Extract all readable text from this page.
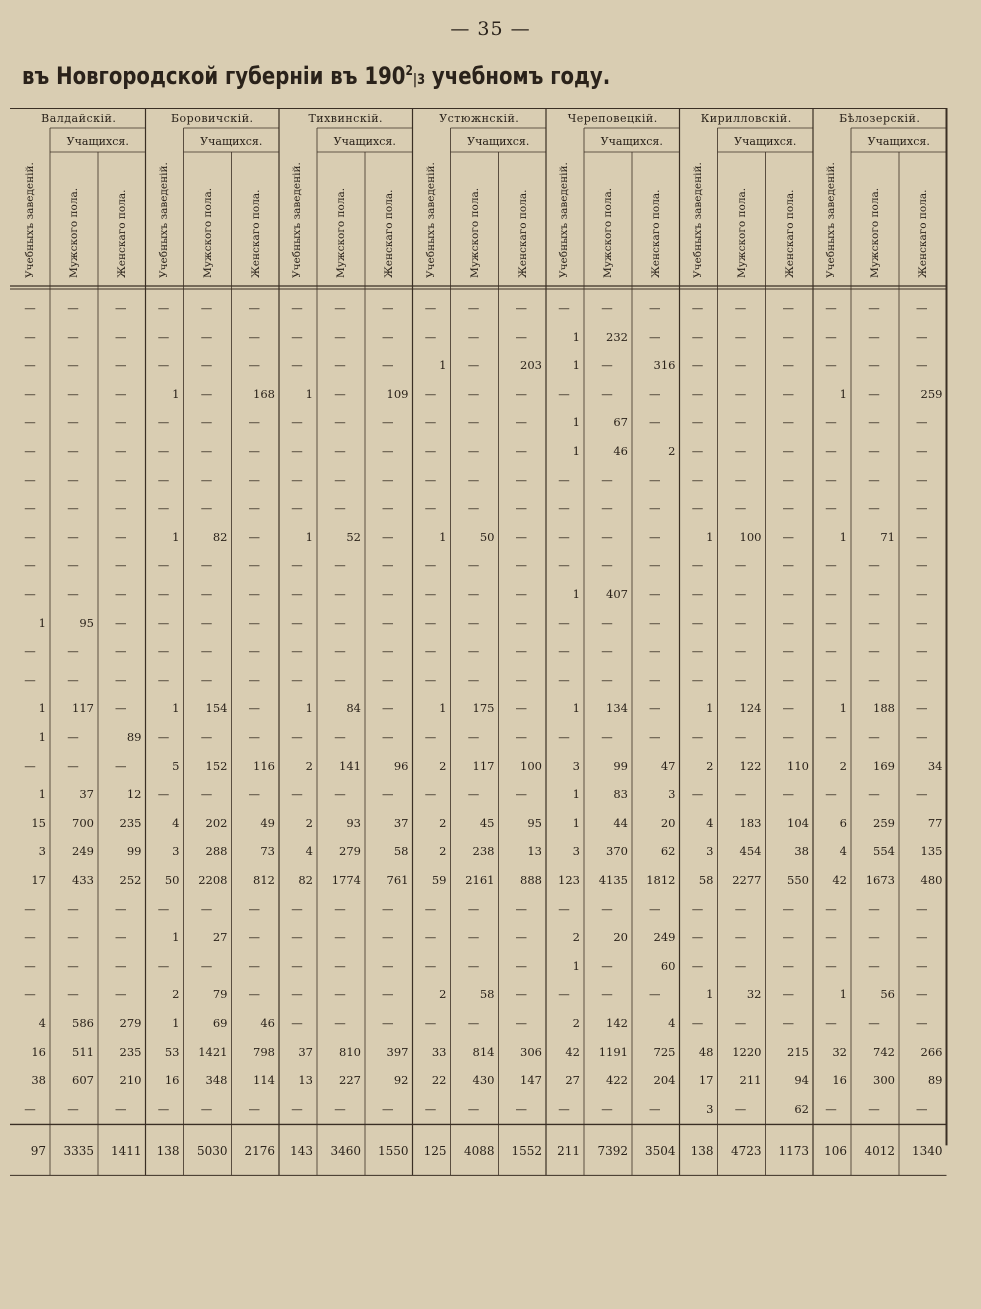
— 35 —
въ Новгородской губерніи въ $190^2|3$ учебномъ году.
Валдайскій.
Учащихся.
Учебныхъ заведеній.	Мужского пола.	Женскаго пола.
Боровичскій.
Учащихся.
Учебныхъ заведеній.	Мужского пола.	Женскаго пола.
Тихвинскій.
Учащихся.
Учебныхъ заведеній.	Мужского пола.	Женскаго пола.
Устюжнскій.
Учащихся.
Учебныхъ заведеній.	Мужского пола.	Женскаго пола.
Череповецкій.
Учащихся.
Учебныхъ заведеній.	Мужского пола.	Женскаго пола.
Кирилловскій.
Учащихся.
Учебныхъ заведеній.	Мужского пола.	Женскаго пола.
Бѣлозерскій.
Учащихся.
Учебныхъ заведеній.	Мужского пола.	Женскаго пола.
—	—	—	—	—	—	—	—	—	—	—	—	—	—	—	—	—	—	—	—	—
—	—	—	—	—	—	—	—	—	—	—	—	1	232	—	—	—	—	—	—	—
—	—	—	—	—	—	—	—	—	1	—	203	1	—	316	—	—	—	—	—	—
—	—	—	1	—	168	1	—	109	—	—	—	—	—	—	—	—	—	1	—	259
—	—	—	—	—	—	—	—	—	—	—	—	1	67	—	—	—	—	—	—	—
—	—	—	—	—	—	—	—	—	—	—	—	1	46	2	—	—	—	—	—	—
—	—	—	—	—	—	—	—	—	—	—	—	—	—	—	—	—	—	—	—	—
—	—	—	—	—	—	—	—	—	—	—	—	—	—	—	—	—	—	—	—	—
—	—	—	1	82	—	1	52	—	1	50	—	—	—	—	1	100	—	1	71	—
—	—	—	—	—	—	—	—	—	—	—	—	—	—	—	—	—	—	—	—	—
—	—	—	—	—	—	—	—	—	—	—	—	1	407	—	—	—	—	—	—	—
1	95	—	—	—	—	—	—	—	—	—	—	—	—	—	—	—	—	—	—	—
—	—	—	—	—	—	—	—	—	—	—	—	—	—	—	—	—	—	—	—	—
—	—	—	—	—	—	—	—	—	—	—	—	—	—	—	—	—	—	—	—	—
1	117	—	1	154	—	1	84	—	1	175	—	1	134	—	1	124	—	1	188	—
1	—	89	—	—	—	—	—	—	—	—	—	—	—	—	—	—	—	—	—	—
—	—	—	5	152	116	2	141	96	2	117	100	3	99	47	2	122	110	2	169	34
1	37	12	—	—	—	—	—	—	—	—	—	1	83	3	—	—	—	—	—	—
15	700	235	4	202	49	2	93	37	2	45	95	1	44	20	4	183	104	6	259	77
3	249	99	3	288	73	4	279	58	2	238	13	3	370	62	3	454	38	4	554	135
17	433	252	50	2208	812	82	1774	761	59	2161	888	123	4135	1812	58	2277	550	42	1673	480
—	—	—	—	—	—	—	—	—	—	—	—	—	—	—	—	—	—	—	—	—
—	—	—	1	27	—	—	—	—	—	—	—	2	20	249	—	—	—	—	—	—
—	—	—	—	—	—	—	—	—	—	—	—	1	—	60	—	—	—	—	—	—
—	—	—	2	79	—	—	—	—	2	58	—	—	—	—	1	32	—	1	56	—
4	586	279	1	69	46	—	—	—	—	—	—	2	142	4	—	—	—	—	—	—
16	511	235	53	1421	798	37	810	397	33	814	306	42	1191	725	48	1220	215	32	742	266
38	607	210	16	348	114	13	227	92	22	430	147	27	422	204	17	211	94	16	300	89
—	—	—	—	—	—	—	—	—	—	—	—	—	—	—	3	—	62	—	—	—
97	3335	1411	138	5030	2176	143	3460	1550	125	4088	1552	211	7392	3504	138	4723	1173	106	4012	1340
